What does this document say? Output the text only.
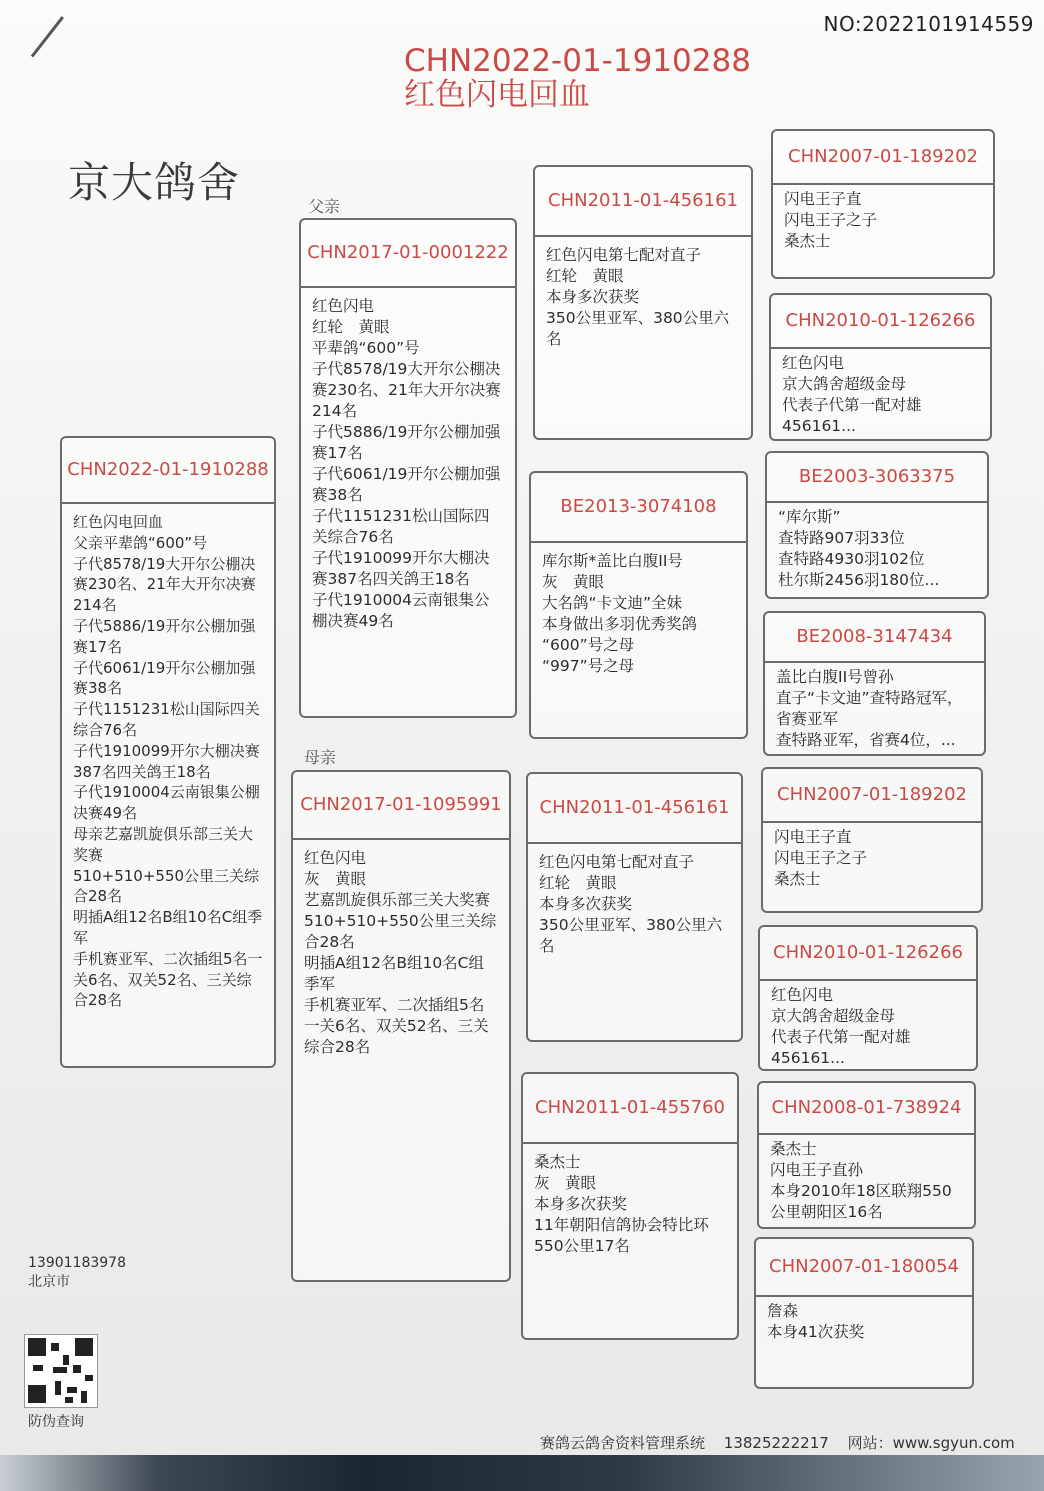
NO:2022101914559
CHN2022-01-1910288
红色闪电回血
京大鸽舍	父亲
母亲
CHN2022-01-1910288
红色闪电回血
父亲平辈鸽“600”号
子代8578/19大开尔公棚决赛230名、21年大开尔决赛214名
子代5886/19开尔公棚加强赛17名
子代6061/19开尔公棚加强赛38名
子代1151231松山国际四关综合76名
子代1910099开尔大棚决赛387名四关鸽王18名
子代1910004云南银集公棚决赛49名
母亲艺嘉凯旋俱乐部三关大奖赛
510+510+550公里三关综合28名
明插A组12名B组10名C组季军
手机赛亚军、二次插组5名一关6名、双关52名、三关综合28名
CHN2017-01-0001222
红色闪电
红轮　黄眼
平辈鸽“600”号
子代8578/19大开尔公棚决赛230名、21年大开尔决赛214名
子代5886/19开尔公棚加强赛17名
子代6061/19开尔公棚加强赛38名
子代1151231松山国际四关综合76名
子代1910099开尔大棚决赛387名四关鸽王18名
子代1910004云南银集公棚决赛49名
CHN2017-01-1095991
红色闪电
灰　黄眼
艺嘉凯旋俱乐部三关大奖赛
510+510+550公里三关综合28名
明插A组12名B组10名C组季军
手机赛亚军、二次插组5名一关6名、双关52名、三关综合28名
CHN2011-01-456161
红色闪电第七配对直子
红轮　黄眼
本身多次获奖
350公里亚军、380公里六名
BE2013-3074108
库尔斯*盖比白腹II号
灰　黄眼
大名鸽“卡文迪”全妹
本身做出多羽优秀奖鸽
“600”号之母
“997”号之母
CHN2011-01-456161
红色闪电第七配对直子
红轮　黄眼
本身多次获奖
350公里亚军、380公里六名
CHN2011-01-455760
桑杰士
灰　黄眼
本身多次获奖
11年朝阳信鸽协会特比环550公里17名
CHN2007-01-189202
闪电王子直
闪电王子之子
桑杰士
CHN2010-01-126266
红色闪电
京大鸽舍超级金母
代表子代第一配对雄456161...
BE2003-3063375
“库尔斯”
查特路907羽33位
查特路4930羽102位
杜尔斯2456羽180位...
BE2008-3147434
盖比白腹II号曾孙
直子“卡文迪”查特路冠军，省赛亚军
查特路亚军，省赛4位，...
CHN2007-01-189202
闪电王子直
闪电王子之子
桑杰士
CHN2010-01-126266
红色闪电
京大鸽舍超级金母
代表子代第一配对雄456161...
CHN2008-01-738924
桑杰士
闪电王子直孙
本身2010年18区联翔550公里朝阳区16名
CHN2007-01-180054
詹森
本身41次获奖
13901183978
北京市
防伪查询
赛鸽云鸽舍资料管理系统 13825222217 网站：www.sgyun.com
